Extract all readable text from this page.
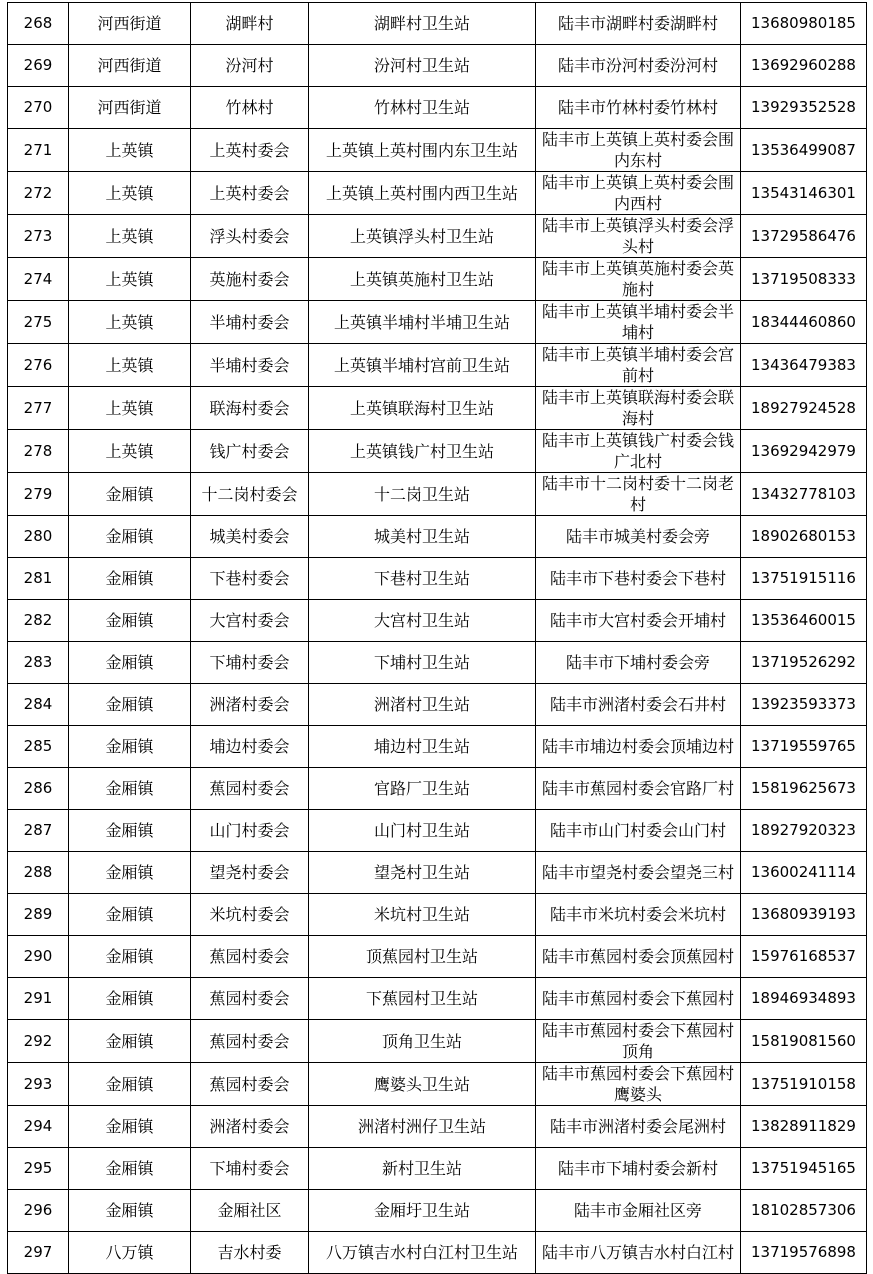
268	河西街道	湖畔村	湖畔村卫生站	陆丰市湖畔村委湖畔村	13680980185
269	河西街道	汾河村	汾河村卫生站	陆丰市汾河村委汾河村	13692960288
270	河西街道	竹林村	竹林村卫生站	陆丰市竹林村委竹林村	13929352528
271	上英镇	上英村委会	上英镇上英村围内东卫生站	陆丰市上英镇上英村委会围内东村	13536499087
272	上英镇	上英村委会	上英镇上英村围内西卫生站	陆丰市上英镇上英村委会围内西村	13543146301
273	上英镇	浮头村委会	上英镇浮头村卫生站	陆丰市上英镇浮头村委会浮头村	13729586476
274	上英镇	英施村委会	上英镇英施村卫生站	陆丰市上英镇英施村委会英施村	13719508333
275	上英镇	半埔村委会	上英镇半埔村半埔卫生站	陆丰市上英镇半埔村委会半埔村	18344460860
276	上英镇	半埔村委会	上英镇半埔村宫前卫生站	陆丰市上英镇半埔村委会宫前村	13436479383
277	上英镇	联海村委会	上英镇联海村卫生站	陆丰市上英镇联海村委会联海村	18927924528
278	上英镇	钱广村委会	上英镇钱广村卫生站	陆丰市上英镇钱广村委会钱广北村	13692942979
279	金厢镇	十二岗村委会	十二岗卫生站	陆丰市十二岗村委十二岗老村	13432778103
280	金厢镇	城美村委会	城美村卫生站	陆丰市城美村委会旁	18902680153
281	金厢镇	下巷村委会	下巷村卫生站	陆丰市下巷村委会下巷村	13751915116
282	金厢镇	大宫村委会	大宫村卫生站	陆丰市大宫村委会开埔村	13536460015
283	金厢镇	下埔村委会	下埔村卫生站	陆丰市下埔村委会旁	13719526292
284	金厢镇	洲渚村委会	洲渚村卫生站	陆丰市洲渚村委会石井村	13923593373
285	金厢镇	埔边村委会	埔边村卫生站	陆丰市埔边村委会顶埔边村	13719559765
286	金厢镇	蕉园村委会	官路厂卫生站	陆丰市蕉园村委会官路厂村	15819625673
287	金厢镇	山门村委会	山门村卫生站	陆丰市山门村委会山门村	18927920323
288	金厢镇	望尧村委会	望尧村卫生站	陆丰市望尧村委会望尧三村	13600241114
289	金厢镇	米坑村委会	米坑村卫生站	陆丰市米坑村委会米坑村	13680939193
290	金厢镇	蕉园村委会	顶蕉园村卫生站	陆丰市蕉园村委会顶蕉园村	15976168537
291	金厢镇	蕉园村委会	下蕉园村卫生站	陆丰市蕉园村委会下蕉园村	18946934893
292	金厢镇	蕉园村委会	顶角卫生站	陆丰市蕉园村委会下蕉园村顶角	15819081560
293	金厢镇	蕉园村委会	鹰婆头卫生站	陆丰市蕉园村委会下蕉园村鹰婆头	13751910158
294	金厢镇	洲渚村委会	洲渚村洲仔卫生站	陆丰市洲渚村委会尾洲村	13828911829
295	金厢镇	下埔村委会	新村卫生站	陆丰市下埔村委会新村	13751945165
296	金厢镇	金厢社区	金厢圩卫生站	陆丰市金厢社区旁	18102857306
297	八万镇	吉水村委	八万镇吉水村白江村卫生站	陆丰市八万镇吉水村白江村	13719576898
